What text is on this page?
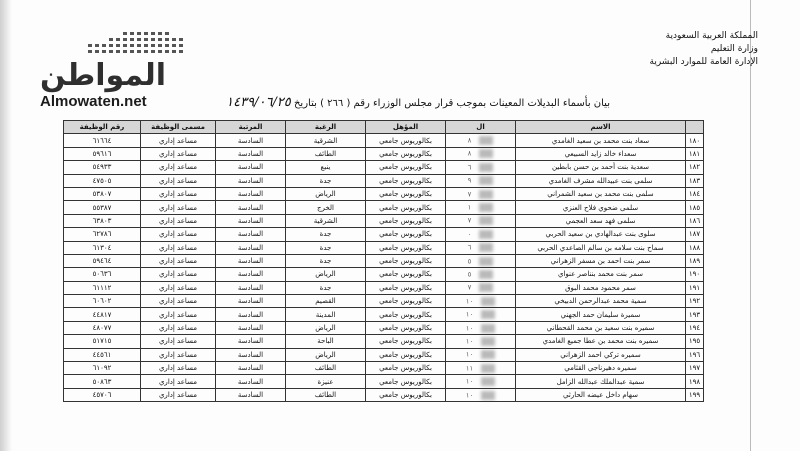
المواطن
Almowaten.net
المملكة العربية السعودية
وزارة التعليم
الإدارة العامة للموارد البشرية
بيان بأسماء البديلات المعينات بموجب قرار مجلس الوزراء رقم ( ٢٦٦ ) بتاريخ ١٤٣٩/٠٦/٢٥
	الاسم	ال	المؤهل	الرغبة	المرتبة	مسمى الوظيفة	رقم الوظيفة
١٨٠	سعاد بنت محمد بن سعيد الغامدي	٨	بكالوريوس جامعي	الشرقية	السادسة	مساعد إداري	٦١٦٦٤
١٨١	سعداء خالد زايد السبيعي	٨	بكالوريوس جامعي	الطائف	السادسة	مساعد إداري	٥٩٦١٦
١٨٢	سعدية بنت أحمد بن حسن بابطين	٦	بكالوريوس جامعي	ينبع	السادسة	مساعد إداري	٥٤٩٣٣
١٨٣	سلمى بنت عبيدالله مشرف الغامدي	٩	بكالوريوس جامعي	جدة	السادسة	مساعد إداري	٤٧٥٠٥
١٨٤	سلمى بنت محمد بن سعيد الشمراني	٧	بكالوريوس جامعي	الرياض	السادسة	مساعد إداري	٥٣٨٠٧
١٨٥	سلمى ضحوي فلاح العنزي	١	بكالوريوس جامعي	الخرج	السادسة	مساعد إداري	٥٥٣٨٧
١٨٦	سلمى فهد سعد العجمي	٧	بكالوريوس جامعي	الشرقية	السادسة	مساعد إداري	٦٣٨٠٣
١٨٧	سلوى بنت عبدالهادي بن سعيد الحربي	٠	بكالوريوس جامعي	جدة	السادسة	مساعد إداري	٦٢٧٨٦
١٨٨	سماح بنت سلامه بن سالم الصاعدي الحربي	٦	بكالوريوس جامعي	جدة	السادسة	مساعد إداري	٦١٣٠٤
١٨٩	سمر بنت احمد بن مسفر الزهراني	٥	بكالوريوس جامعي	جدة	السادسة	مساعد إداري	٥٩٤٦٤
١٩٠	سمر بنت محمد بنناصر عنواي	٥	بكالوريوس جامعي	الرياض	السادسة	مساعد إداري	٥٠٦٣٦
١٩١	سمر محمود محمد البوق	٧	بكالوريوس جامعي	جدة	السادسة	مساعد إداري	٦١١١٢
١٩٢	سمية محمد عبدالرحمن الدبيخي	١٠	بكالوريوس جامعي	القصيم	السادسة	مساعد إداري	٦٠٦٠٢
١٩٣	سميرة سليمان حمد الجهني	١٠	بكالوريوس جامعي	المدينة	السادسة	مساعد إداري	٤٤٨١٧
١٩٤	سميره بنت سعيد بن محمد القحطاني	١٠	بكالوريوس جامعي	الرياض	السادسة	مساعد إداري	٤٨٠٧٧
١٩٥	سميره بنت محمد بن عطا جميع الغامدي	١٠	بكالوريوس جامعي	الباحة	السادسة	مساعد إداري	٥١٧١٥
١٩٦	سميره تركي احمد الزهراني	١٠	بكالوريوس جامعي	الرياض	السادسة	مساعد إداري	٤٤٥٦١
١٩٧	سميره دهيرناجي القثامي	١١	بكالوريوس جامعي	الطائف	السادسة	مساعد إداري	٦١٠٩٢
١٩٨	سمية عبدالملك عبدالله الزامل	١٠	بكالوريوس جامعي	عنيزة	السادسة	مساعد إداري	٥٠٨٦٣
١٩٩	سهام داخل عيضه الحارثي	١٠	بكالوريوس جامعي	الطائف	السادسة	مساعد إداري	٤٥٧٠٦
